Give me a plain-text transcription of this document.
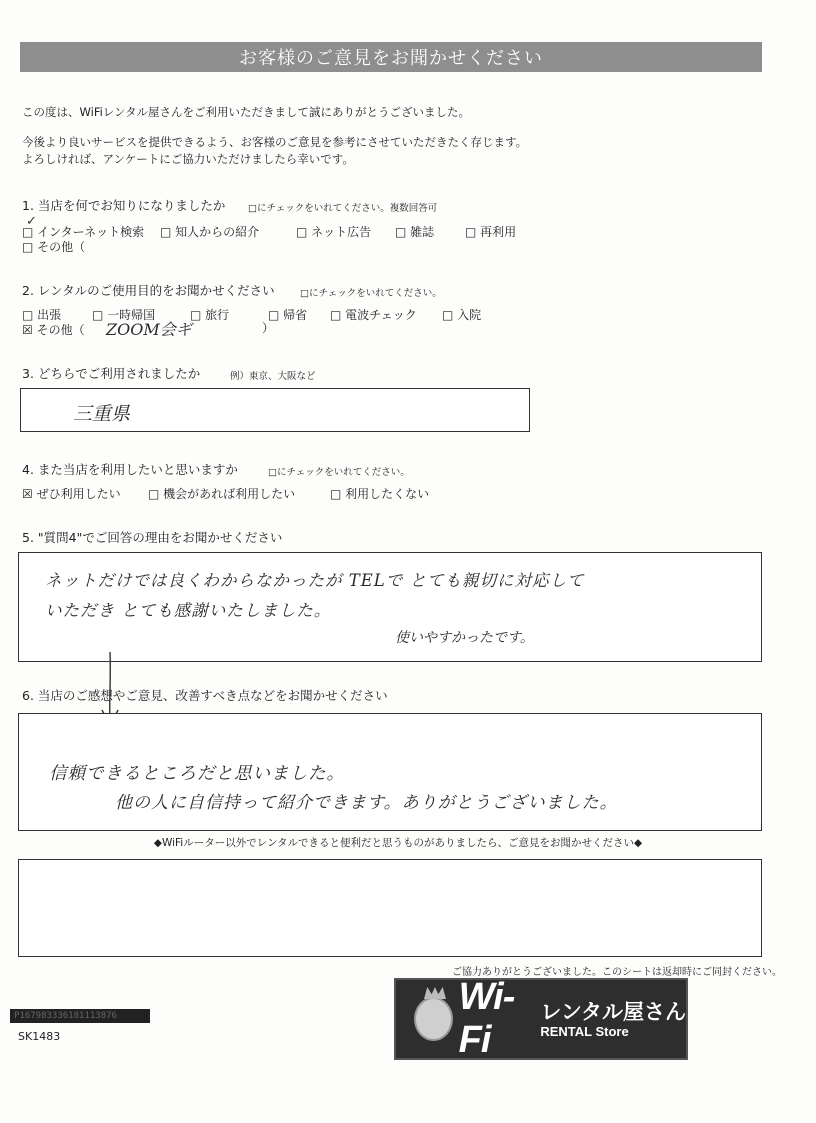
お客様のご意見をお聞かせください
この度は、WiFiレンタル屋さんをご利用いただきまして誠にありがとうございました。
今後より良いサービスを提供できるよう、お客様のご意見を参考にさせていただきたく存じます。
よろしければ、アンケートにご協力いただけましたら幸いです。
1. 当店を何でお知りになりましたか □にチェックをいれてください。複数回答可
□ インターネット検索
✓
□ 知人からの紹介	□ ネット広告 □ 雑誌	□ 再利用
□ その他（
2. レンタルのご使用目的をお聞かせください	□にチェックをいれてください。
□ 出張	□ 一時帰国	□ 旅行	□ 帰省 □ 電波チェック □ 入院
☒ その他（ ZOOM会ギ	）
3. どちらでご利用されましたか	例）東京、大阪など
三重県
4. また当店を利用したいと思いますか	□にチェックをいれてください。
☒ ぜひ利用したい □ 機会があれば利用したい	□ 利用したくない
5. "質問4"でご回答の理由をお聞かせください
ネットだけでは良くわからなかったが TELで とても親切に対応して
いただき とても感謝いたしました。
使いやすかったです。
6. 当店のご感想やご意見、改善すべき点などをお聞かせください
信頼できるところだと思いました。
他の人に自信持って紹介できます。ありがとうございました。
◆WiFiルーター以外でレンタルできると便利だと思うものがありましたら、ご意見をお聞かせください◆
ご協力ありがとうございました。このシートは返却時にご同封ください。
Wi-Fi
レンタル屋さん
RENTAL Store
P167983336181113876
SK1483
